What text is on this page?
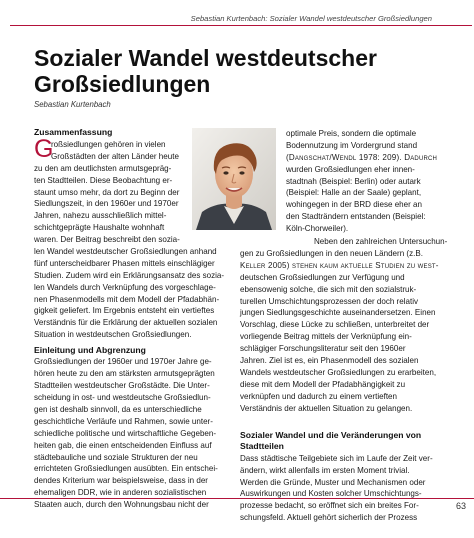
Sebastian Kurtenbach: Sozialer Wandel westdeutscher Großsiedlungen
Sozialer Wandel westdeutscher Großsiedlungen
Sebastian Kurtenbach
Zusammenfassung
G

roßsiedlungen gehören in vielen
Großstädten der alten Länder heute
zu den am deutlichsten armutsgepräg-
ten Stadtteilen. Diese Beobachtung er-
staunt umso mehr, da dort zu Beginn der
Siedlungszeit, in den 1960er und 1970er
Jahren, nahezu ausschließlich mittel-
schichtgeprägte Haushalte wohnhaft
waren. Der Beitrag beschreibt den sozia-

len Wandel westdeutscher Großsiedlungen anhand
fünf unterscheidbarer Phasen mittels einschlägiger
Studien. Zudem wird ein Erklärungsansatz des sozia-
len Wandels durch Verknüpfung des vorgeschlage-
nen Phasenmodells mit dem Modell der Pfadabhän-
gigkeit geliefert. Im Ergebnis entsteht ein vertieftes
Verständnis für die Erklärung der aktuellen sozialen
Situation in westdeutschen Großsiedlungen.

Einleitung und Abgrenzung

Großsiedlungen der 1960er und 1970er Jahre ge-
hören heute zu den am stärksten armutsgeprägten
Stadtteilen westdeutscher Großstädte. Die Unter-
scheidung in ost- und westdeutsche Großsiedlun-
gen ist deshalb sinnvoll, da es unterschiedliche
geschichtliche Verläufe und Rahmen, sowie unter-
schiedliche politische und wirtschaftliche Gegeben-
heiten gab, die einen entscheidenden Einfluss auf
städtebauliche und soziale Strukturen der neu
errichteten Großsiedlungen ausübten. Ein entschei-
dendes Kriterium war beispielsweise, dass in der
ehemaligen DDR, wie in anderen sozialistischen
Staaten auch, durch den Wohnungsbau nicht der

optimale Preis, sondern die optimale
Bodennutzung im Vordergrund stand
(Dangschat/Wendl 1978: 209). Dadurch
wurden Großsiedlungen eher innen-
stadtnah (Beispiel: Berlin) oder autark
(Beispiel: Halle an der Saale) geplant,
wohingegen in der BRD diese eher an
den Stadträndern entstanden (Beispiel:
Köln-Chorweiler).

Neben den zahlreichen Untersuchun-

gen zu Großsiedlungen in den neuen Ländern (z.B.
Keller 2005) stehen kaum aktuelle Studien zu west-
deutschen Großsiedlungen zur Verfügung und
ebensowenig solche, die sich mit den sozialstruk-
turellen Umschichtungsprozessen der doch relativ
jungen Siedlungsgeschichte auseinandersetzen. Einen
Vorschlag, diese Lücke zu schließen, unterbreitet der
vorliegende Beitrag mittels der Verknüpfung ein-
schlägiger Forschungsliteratur seit den 1960er
Jahren. Ziel ist es, ein Phasenmodell des sozialen
Wandels westdeutscher Großsiedlungen zu erarbeiten,
diese mit dem Modell der Pfadabhängigkeit zu
verknüpfen und dadurch zu einem vertieften
Verständnis der aktuellen Situation zu gelangen.

Sozialer Wandel und die Veränderungen von Stadtteilen

Dass städtische Teilgebiete sich im Laufe der Zeit ver-
ändern, wirkt allenfalls im ersten Moment trivial.
Werden die Gründe, Muster und Mechanismen oder
Auswirkungen und Kosten solcher Umschichtungs-
prozesse bedacht, so eröffnet sich ein breites For-
schungsfeld. Aktuell gehört sicherlich der Prozess

63
